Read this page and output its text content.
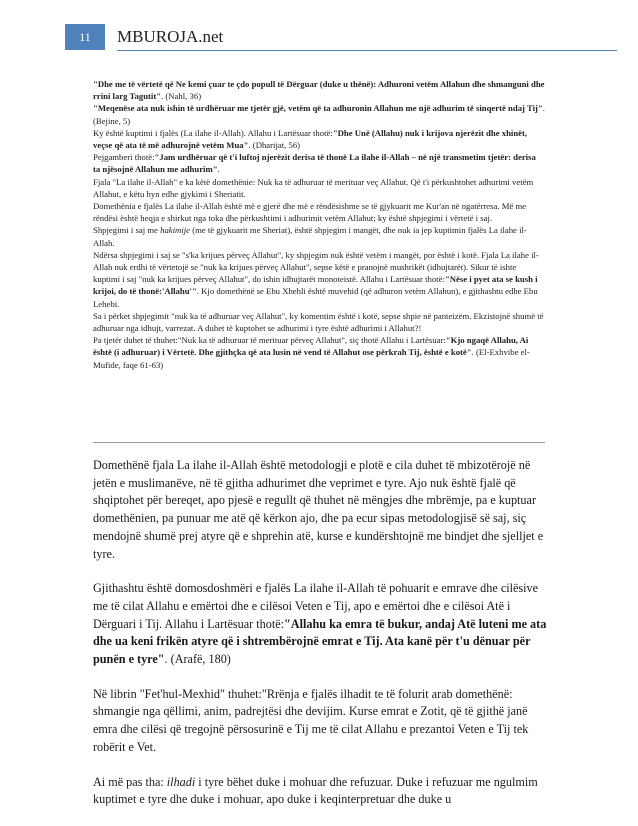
11	MBUROJA.net

"Dhe me të vërtetë që Ne kemi çuar te çdo popull të Dërguar (duke u thënë): Adhuroni vetëm Allahun dhe shmanguni dhe rrini larg Tagutit". (Nahl, 36)

"Meqenëse ata nuk ishin të urdhëruar me tjetër gjë, vetëm që ta adhuronin Allahun me një adhurim të sinqertë ndaj Tij". (Bejine, 5)

Ky është kuptimi i fjalës (La ilahe il-Allah). Allahu i Lartësuar thotë:"Dhe Unë (Allahu) nuk i krijova njerëzit dhe xhinët, veçse që ata të më adhurojnë vetëm Mua". (Dharijat, 56)

Pejgamberi thotë:"Jam urdhëruar që t'i luftoj njerëzit derisa të thonë La ilahe il-Allah – në një transmetim tjetër: derisa ta njësojnë Allahun me adhurim".

Fjala "La ilahe il-Allah" e ka këtë domethënie: Nuk ka të adhuruar të merituar veç Allahut. Që t'i përkushtohet adhurimi vetëm Allahut, e këtu hyn edhe gjykimi i Sheriatit.

Domethënia e fjalës La ilahe il-Allah është më e gjerë dhe më e rëndësishme se të gjykuarit me Kur'an në ngatërresa. Më me rëndësi është heqja e shirkut nga toka dhe përkushtimi i adhurimit vetëm Allahut; ky është shpjegimi i vërtetë i saj.

Shpjegimi i saj me hakimije (me të gjykuarit me Sheriat), është shpjegim i mangët, dhe nuk ia jep kuptimin fjalës La ilahe il-Allah.

Ndërsa shpjegimi i saj se "s'ka krijues përveç Allahut", ky shpjegim nuk është vetëm i mangët, por është i kotë. Fjala La ilahe il-Allah nuk erdhi të vërtetojë se "nuk ka krijues përveç Allahut", sepse këtë e pranojnë mushrikët (idhujtarët). Sikur të ishte kuptimi i saj "nuk ka krijues përveç Allahut", do ishin idhujtarët monoteistë. Allahu i Lartësuar thotë:"Nëse i pyet ata se kush i krijoi, do të thonë:'Allahu'". Kjo domethënë se Ebu Xhehli është muvehid (që adhuron vetëm Allahun), e gjithashtu edhe Ebu Lehebi.

Sa i përket shpjegimit "nuk ka të adhuruar veç Allahut", ky komentim është i kotë, sepse shpie në panteizëm. Ekzistojnë shumë të adhuruar nga idhujt, varrezat. A duhet të kuptohet se adhurimi i tyre është adhurimi i Allahut?!

Pa tjetër duhet të thuhet:"Nuk ka të adhuruar të merituar përveç Allahut", siç thotë Allahu i Lartësuar:"Kjo ngaqë Allahu, Ai është (i adhuruar) i Vërtetë. Dhe gjithçka që ata lusin në vend të Allahut ose përkrah Tij, është e kotë". (El-Exhvibe el-Mufide, faqe 61-63)

Domethënë fjala La ilahe il-Allah është metodologji e plotë e cila duhet të mbizotërojë në jetën e muslimanëve, në të gjitha adhurimet dhe veprimet e tyre. Ajo nuk është fjalë që shqiptohet për bereqet, apo pjesë e regullt që thuhet në mëngjes dhe mbrëmje, pa e kuptuar domethënien, pa punuar me atë që kërkon ajo, dhe pa ecur sipas metodologjisë së saj, siç mendojnë shumë prej atyre që e shprehin atë, kurse e kundërshtojnë me bindjet dhe sjelljet e tyre.

Gjithashtu është domosdoshmëri e fjalës La ilahe il-Allah të pohuarit e emrave dhe cilësive me të cilat Allahu e emërtoi dhe e cilësoi Veten e Tij, apo e emërtoi dhe e cilësoi Atë i Dërguari i Tij. Allahu i Lartësuar thotë:"Allahu ka emra të bukur, andaj Atë luteni me ata dhe ua keni frikën atyre që i shtrembërojnë emrat e Tij. Ata kanë për t'u dënuar për punën e tyre". (Arafë, 180)

Në librin "Fet'hul-Mexhid" thuhet:"Rrënja e fjalës ilhadit te të folurit arab domethënë: shmangie nga qëllimi, anim, padrejtësi dhe devijim. Kurse emrat e Zotit, që të gjithë janë emra dhe cilësi që tregojnë përsosurinë e Tij me të cilat Allahu e prezantoi Veten e Tij tek robërit e Vet.

Ai më pas tha: ilhadi i tyre bëhet duke i mohuar dhe refuzuar. Duke i refuzuar me ngulmim kuptimet e tyre dhe duke i mohuar, apo duke i keqinterpretuar dhe duke u
